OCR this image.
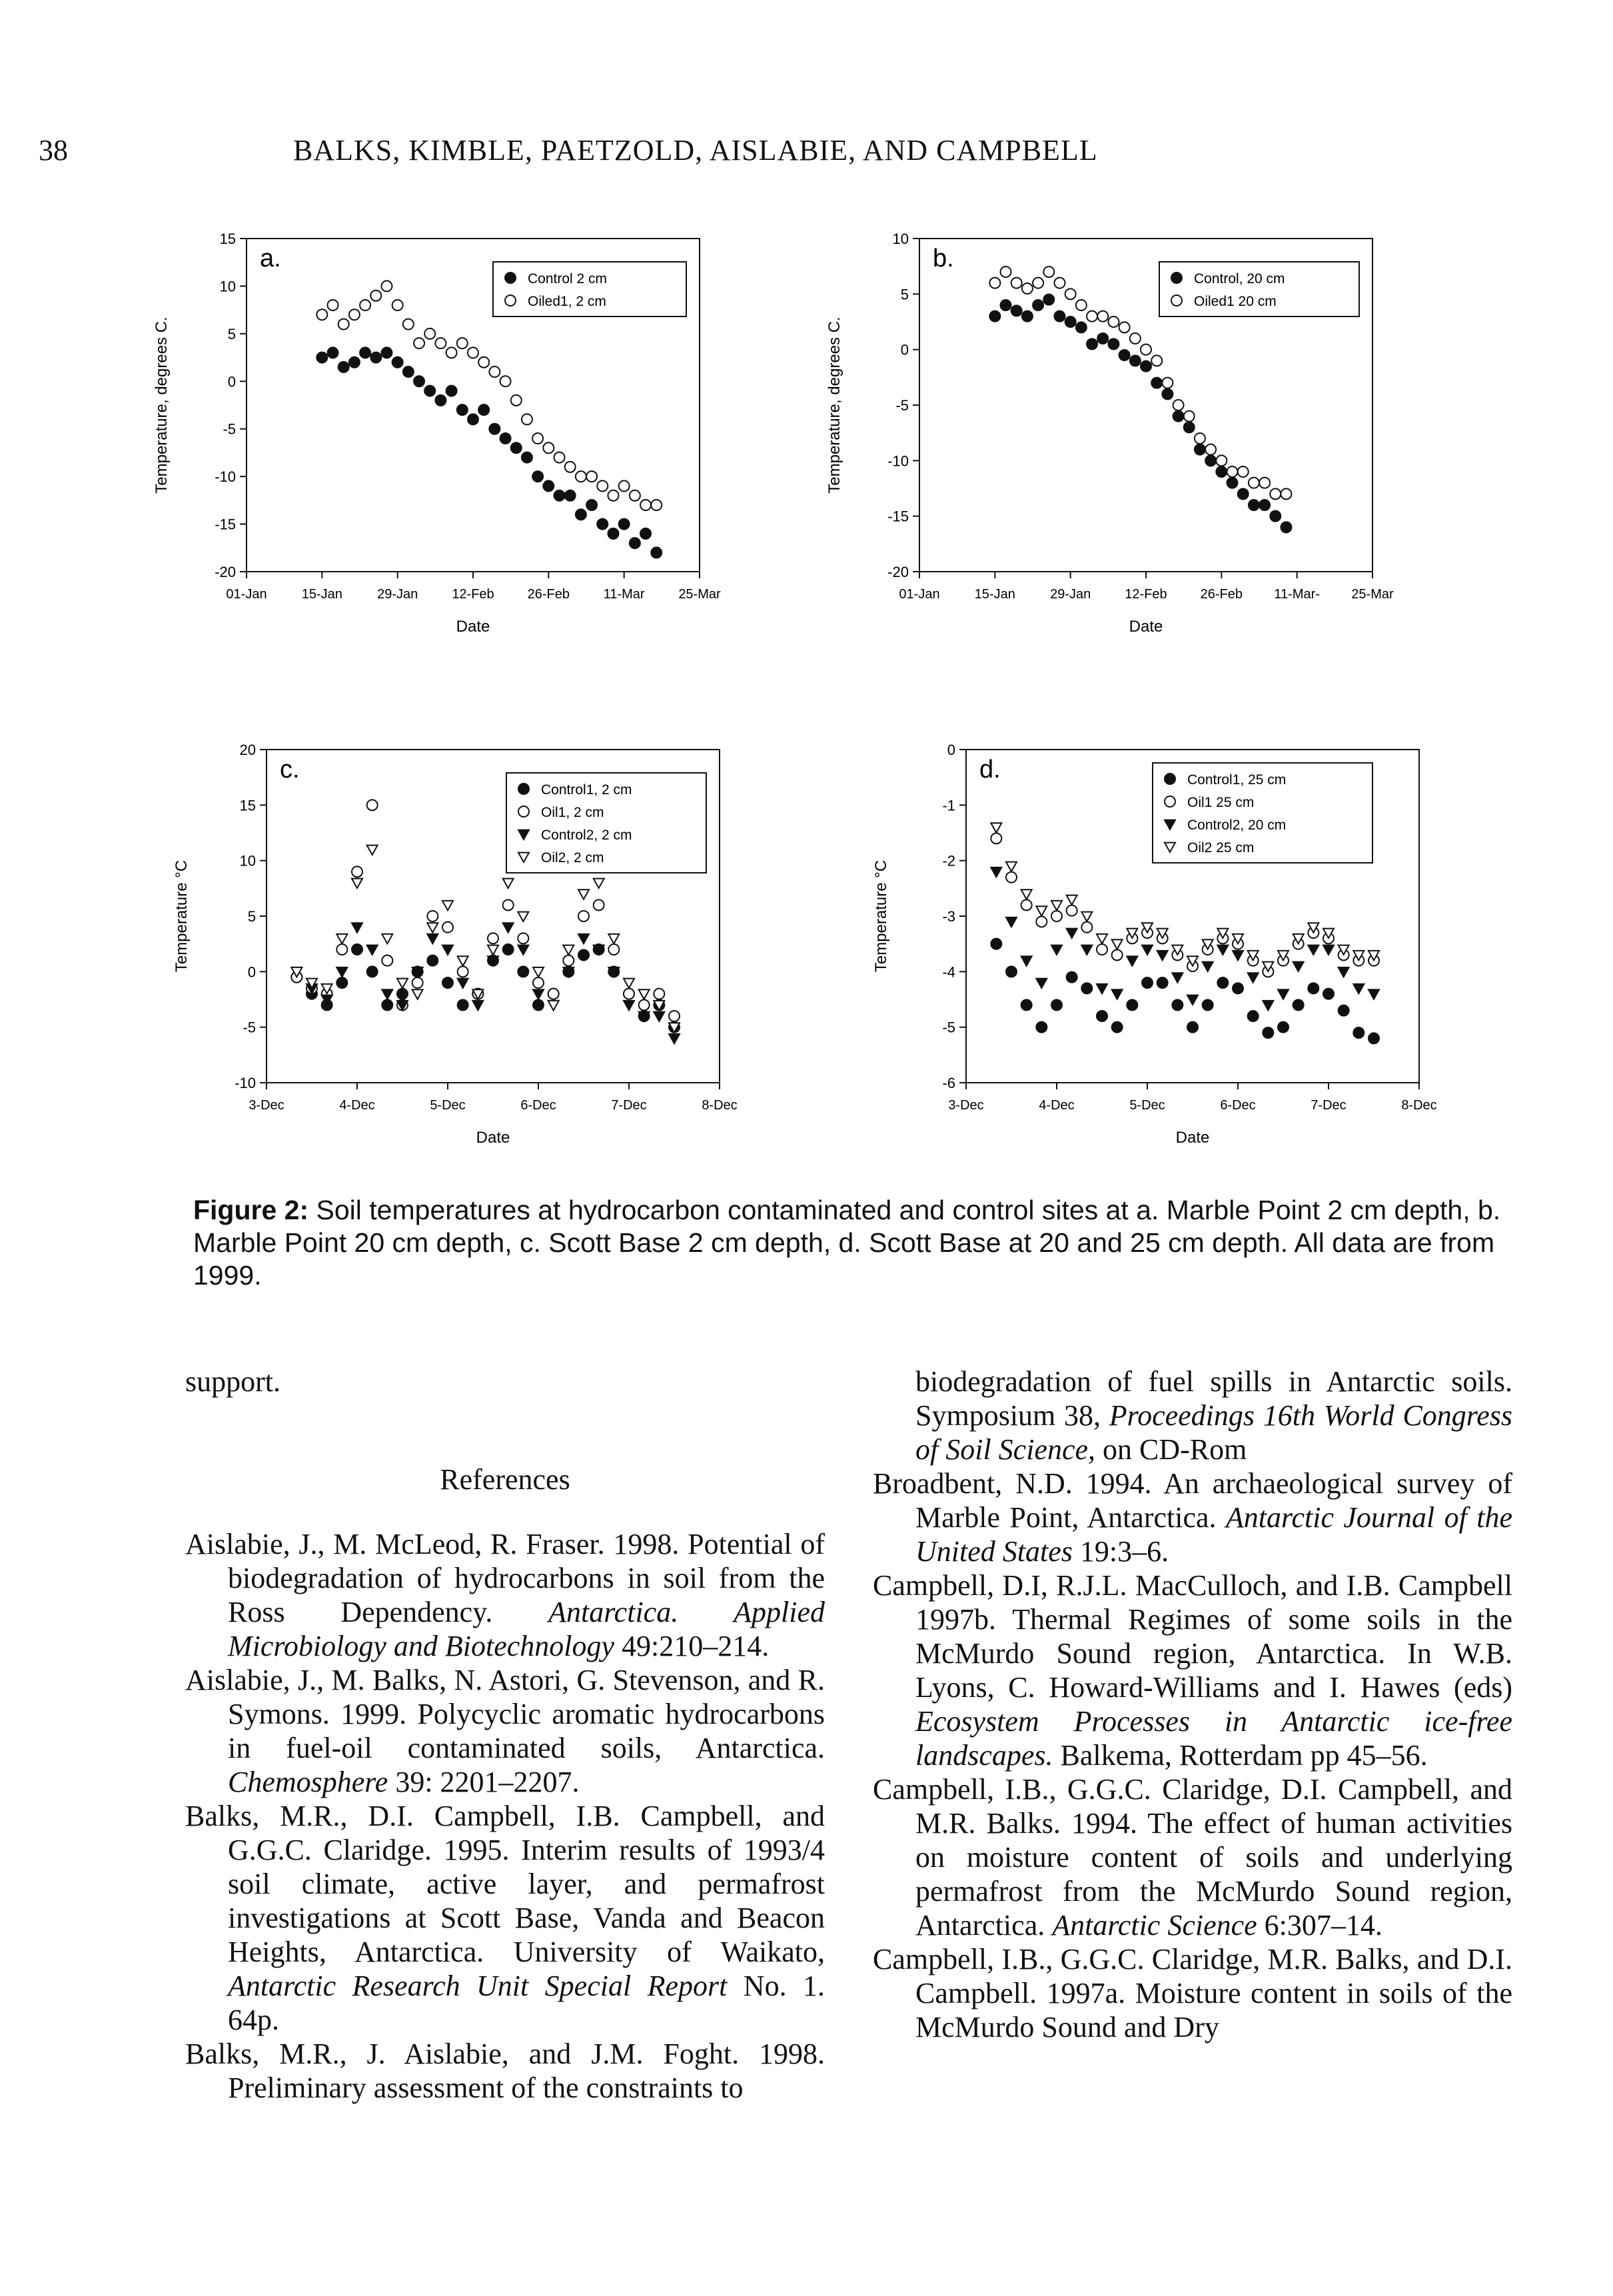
38	BALKS, KIMBLE, PAETZOLD, AISLABIE, AND CAMPBELL
15
10
5
0
-5
-10
-15
-20
01-Jan	15-Jan	29-Jan	12-Feb 26-Feb	11-Mar	25-Mar
Date
Temperature, degrees C.
a.
Control 2 cm
Oiled1, 2 cm
10
5
0
-5
-10
-15
-20
01-Jan	15-Jan	29-Jan	12-Feb 26-Feb 11-Mar- 25-Mar
Date
Temperature, degrees C.
b.
Control, 20 cm
Oiled1 20 cm
20
15
10
5
0
-5
-10
3-Dec	4-Dec	5-Dec	6-Dec	7-Dec	8-Dec
Date
Temperature °C
c.
Control1, 2 cm
Oil1, 2 cm
Control2, 2 cm
Oil2, 2 cm
0
-1
-2
-3
-4
-5
-6
3-Dec	4-Dec	5-Dec	6-Dec	7-Dec	8-Dec
Date
Temperature °C
d.	Control1, 25 cm
Oil1 25 cm
Control2, 20 cm
Oil2 25 cm
Figure 2: Soil temperatures at hydrocarbon contaminated and control sites at a. Marble Point 2 cm depth, b. Marble Point 20 cm depth, c. Scott Base 2 cm depth, d. Scott Base at 20 and 25 cm depth. All data are from 1999.

support.

References

Aislabie, J., M. McLeod, R. Fraser. 1998. Potential of biodegradation of hydrocarbons in soil from the Ross Dependency. Antarctica. Applied Microbiology and Biotechnology 49:210–214.

Aislabie, J., M. Balks, N. Astori, G. Stevenson, and R. Symons. 1999. Polycyclic aromatic hydrocarbons in fuel-oil contaminated soils, Antarctica. Chemosphere 39: 2201–2207.

Balks, M.R., D.I. Campbell, I.B. Campbell, and G.G.C. Claridge. 1995. Interim results of 1993/4 soil climate, active layer, and permafrost investigations at Scott Base, Vanda and Beacon Heights, Antarctica. University of Waikato, Antarctic Research Unit Special Report No. 1. 64p.

Balks, M.R., J. Aislabie, and J.M. Foght. 1998. Preliminary assessment of the constraints to

biodegradation of fuel spills in Antarctic soils. Symposium 38, Proceedings 16th World Congress of Soil Science, on CD-Rom

Broadbent, N.D. 1994. An archaeological survey of Marble Point, Antarctica. Antarctic Journal of the United States 19:3–6.

Campbell, D.I, R.J.L. MacCulloch, and I.B. Campbell 1997b. Thermal Regimes of some soils in the McMurdo Sound region, Antarctica. In W.B. Lyons, C. Howard-Williams and I. Hawes (eds) Ecosystem Processes in Antarctic ice-free landscapes. Balkema, Rotterdam pp 45–56.

Campbell, I.B., G.G.C. Claridge, D.I. Campbell, and M.R. Balks. 1994. The effect of human activities on moisture content of soils and underlying permafrost from the McMurdo Sound region, Antarctica. Antarctic Science 6:307–14.

Campbell, I.B., G.G.C. Claridge, M.R. Balks, and D.I. Campbell. 1997a. Moisture content in soils of the McMurdo Sound and Dry
